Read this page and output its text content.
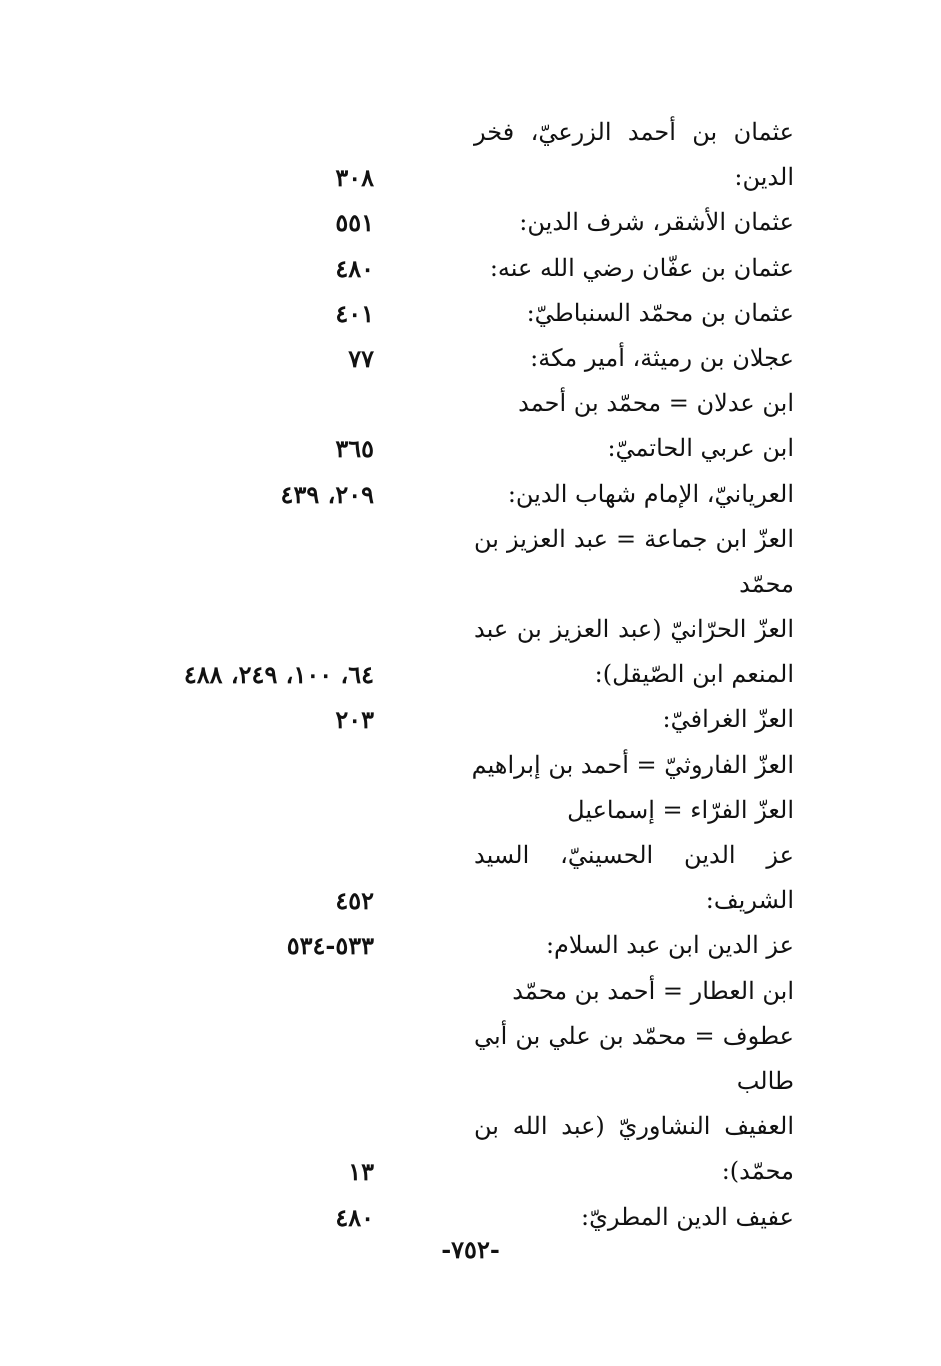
عثمان بن أحمد الزرعيّ، فخر
الدين:
٣٠٨
عثمان الأشقر، شرف الدين:
٥٥١
عثمان بن عفّان رضي الله عنه:
٤٨٠
عثمان بن محمّد السنباطيّ:
٤٠١
عجلان بن رميثة، أمير مكة:
٧٧
ابن عدلان = محمّد بن أحمد
ابن عربي الحاتميّ:
٣٦٥
العريانيّ، الإمام شهاب الدين:
٢٠٩، ٤٣٩
العزّ ابن جماعة = عبد العزيز بن
محمّد
العزّ الحرّانيّ (عبد العزيز بن عبد
المنعم ابن الصّيقل):
٦٤، ١٠٠، ٢٤٩، ٤٨٨
العزّ الغرافيّ:
٢٠٣
العزّ الفاروثيّ = أحمد بن إبراهيم
العزّ الفرّاء = إسماعيل
عز الدين الحسينيّ، السيد
الشريف:
٤٥٢
عز الدين ابن عبد السلام:
٥٣٣-٥٣٤
ابن العطار = أحمد بن محمّد
عطوف = محمّد بن علي بن أبي
طالب
العفيف النشاوريّ (عبد الله بن
محمّد):
١٣
عفيف الدين المطريّ:
٤٨٠
-٧٥٢-
